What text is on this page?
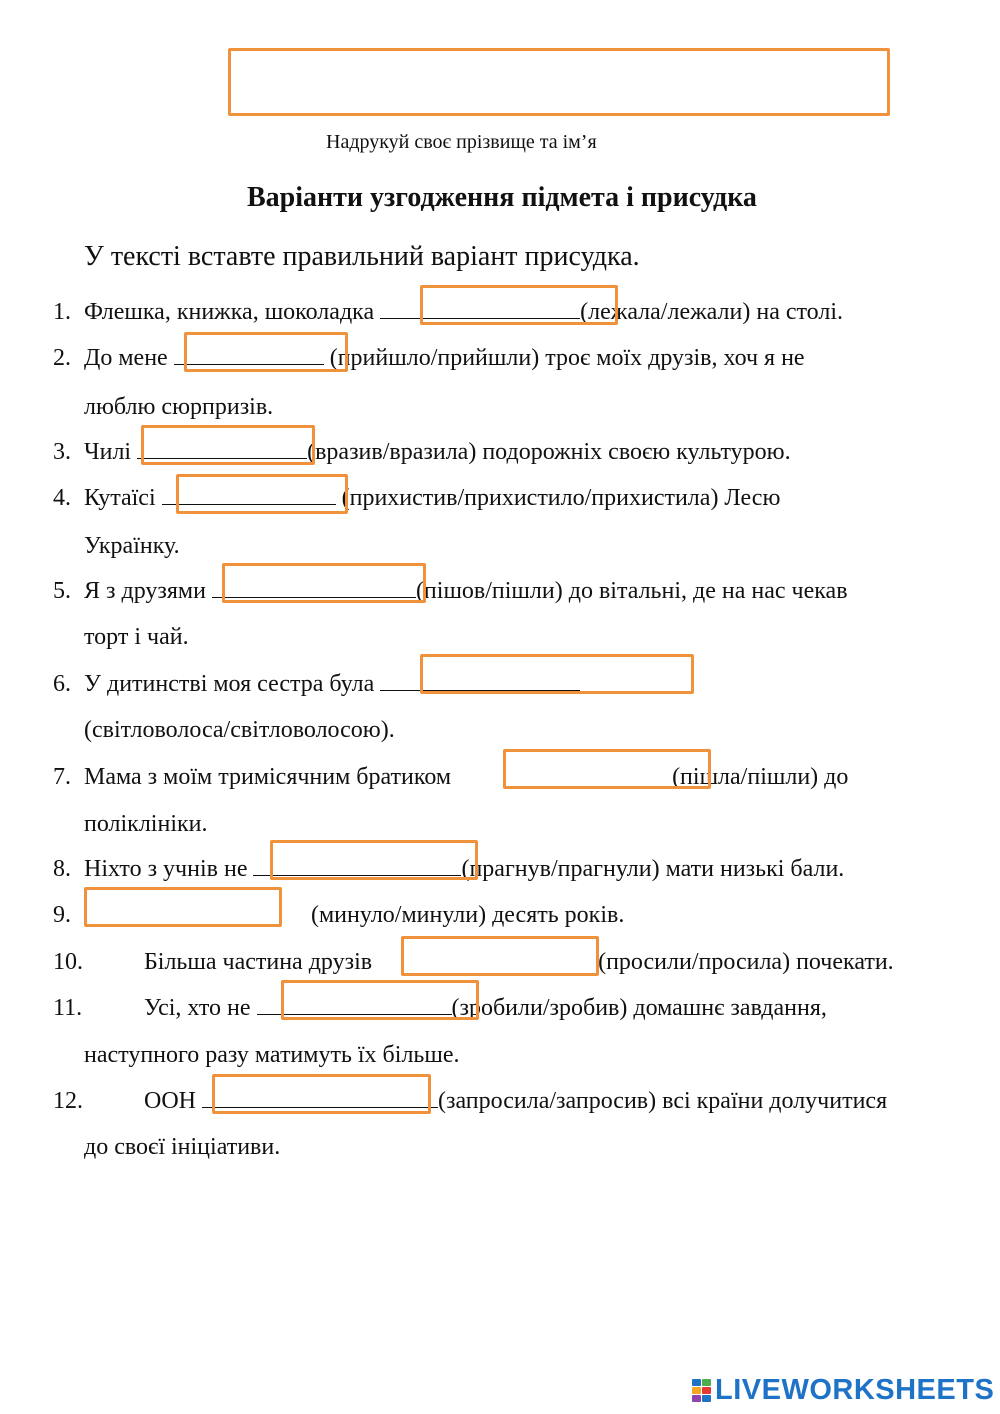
Надрукуй своє прізвище та ім’я
Варіанти узгодження підмета і присудка
У тексті вставте правильний варіант присудка.
1. Флешка, книжка, шоколадка	(лежала/лежали) на столі.
2. До мене	(прийшло/прийшли) троє моїх друзів, хоч я не
люблю сюрпризів.
3. Чилі	(вразив/вразила) подорожніх своєю культурою.
4. Кутаїсі	(прихистив/прихистило/прихистила) Лесю
Українку.
5. Я з друзями	(пішов/пішли) до вітальні, де на нас чекав
торт і чай.
6. У дитинстві моя сестра була
(світловолоса/світловолосою).
7. Мама з моїм тримісячним братиком	(пішла/пішли) до
поліклініки.
8. Ніхто з учнів не	(прагнув/прагнули) мати низькі бали.
9.	(минуло/минули) десять років.
10.	Більша частина друзів	(просили/просила) почекати.
11.	Усі, хто не	(зробили/зробив) домашнє завдання,
наступного разу матимуть їх більше.
12.	ООН	(запросила/запросив) всі країни долучитися
до своєї ініціативи.
LIVEWORKSHEETS
